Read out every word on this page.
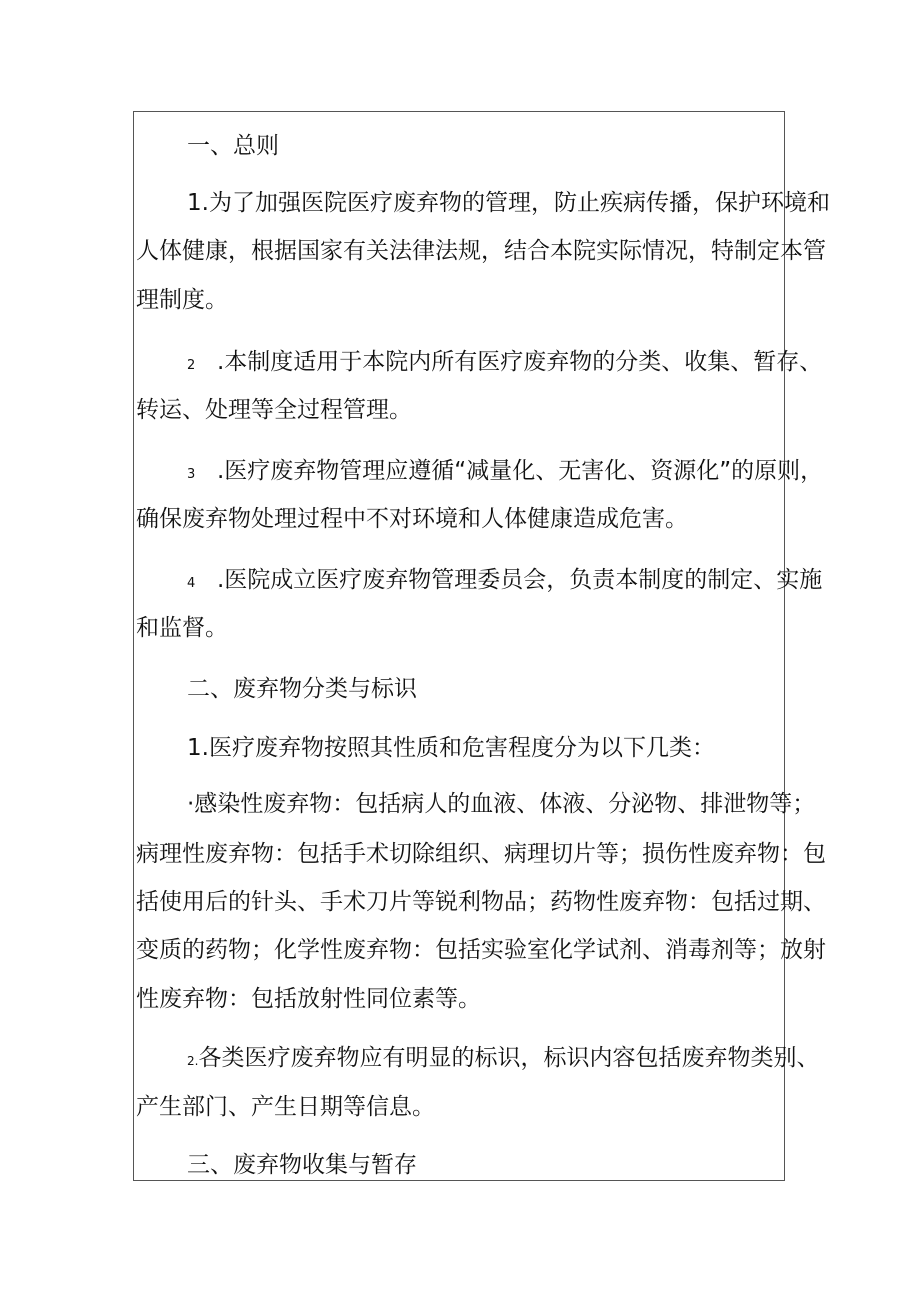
一、总则
1.为了加强医院医疗废弃物的管理，防止疾病传播，保护环境和
人体健康，根据国家有关法律法规，结合本院实际情况，特制定本管
理制度。
2 .本制度适用于本院内所有医疗废弃物的分类、收集、暂存、
转运、处理等全过程管理。
3 .医疗废弃物管理应遵循“减量化、无害化、资源化”的原则，
确保废弃物处理过程中不对环境和人体健康造成危害。
4 .医院成立医疗废弃物管理委员会，负责本制度的制定、实施
和监督。
二、废弃物分类与标识
1.医疗废弃物按照其性质和危害程度分为以下几类：
·感染性废弃物：包括病人的血液、体液、分泌物、排泄物等；
病理性废弃物：包括手术切除组织、病理切片等；损伤性废弃物：包
括使用后的针头、手术刀片等锐利物品；药物性废弃物：包括过期、
变质的药物；化学性废弃物：包括实验室化学试剂、消毒剂等；放射
性废弃物：包括放射性同位素等。
2.各类医疗废弃物应有明显的标识，标识内容包括废弃物类别、
产生部门、产生日期等信息。
三、废弃物收集与暂存
